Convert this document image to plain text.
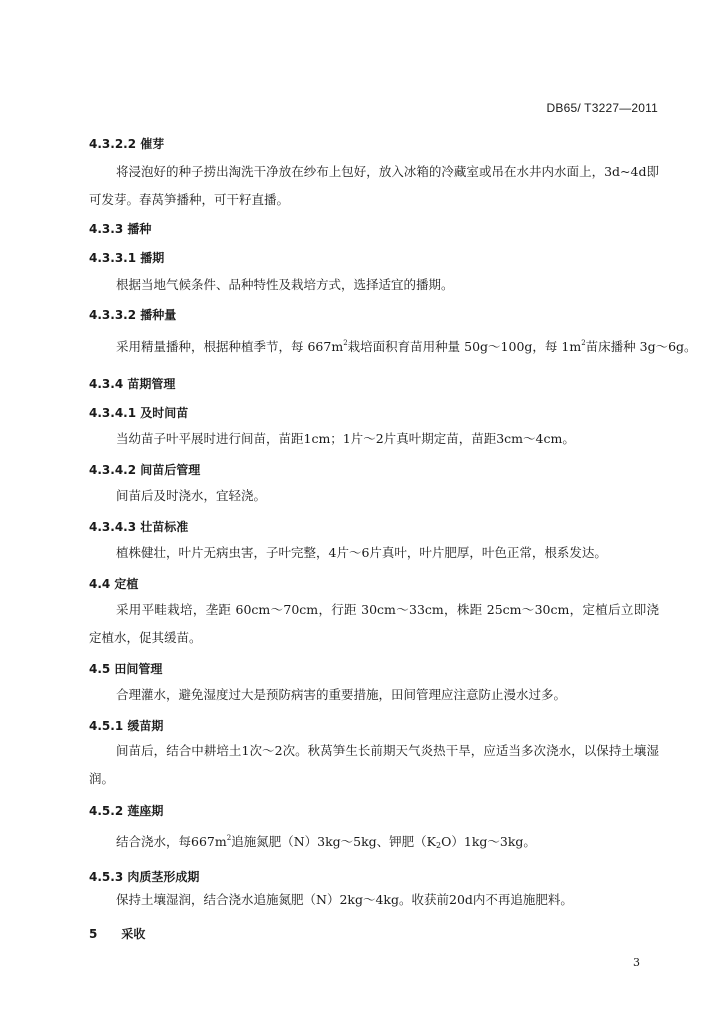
DB65/ T3227—2011
4.3.2.2 催芽
将浸泡好的种子捞出淘洗干净放在纱布上包好，放入冰箱的冷藏室或吊在水井内水面上，3d~4d即可发芽。春莴笋播种，可干籽直播。
4.3.3 播种
4.3.3.1 播期
根据当地气候条件、品种特性及栽培方式，选择适宜的播期。
4.3.3.2 播种量
采用精量播种，根据种植季节，每 $667m^2$栽培面积育苗用种量 50g～100g，每 $1m^2$苗床播种 3g～6g。
4.3.4 苗期管理
4.3.4.1 及时间苗
当幼苗子叶平展时进行间苗，苗距1cm；1片～2片真叶期定苗，苗距3cm～4cm。
4.3.4.2 间苗后管理
间苗后及时浇水，宜轻浇。
4.3.4.3 壮苗标准
植株健壮，叶片无病虫害，子叶完整，4片～6片真叶，叶片肥厚，叶色正常，根系发达。
4.4 定植
采用平畦栽培，垄距 60cm～70cm，行距 30cm～33cm，株距 25cm～30cm，定植后立即浇定植水，促其缓苗。
4.5 田间管理
合理灌水，避免湿度过大是预防病害的重要措施，田间管理应注意防止漫水过多。
4.5.1 缓苗期
间苗后，结合中耕培土1次～2次。秋莴笋生长前期天气炎热干旱，应适当多次浇水，以保持土壤湿润。
4.5.2 莲座期
结合浇水，每$667m^2$追施氮肥（N）3kg～5kg、钾肥$(K_2O)1kg\sim 3kg$。
4.5.3 肉质茎形成期
保持土壤湿润，结合浇水追施氮肥（N）2kg～4kg。收获前20d内不再追施肥料。
5　　采收
3
